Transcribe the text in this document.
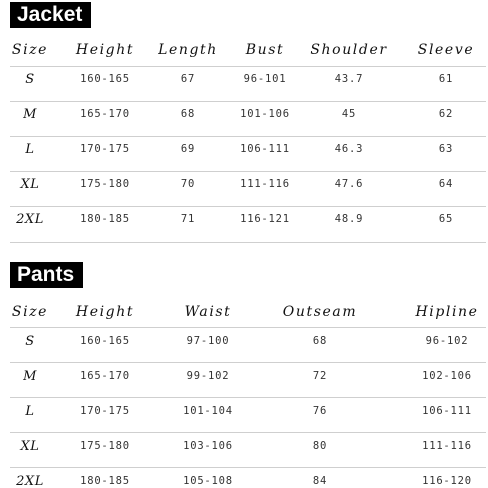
Jacket
Size Height Length Bust Shoulder Sleeve
S	160-165	67	96-101	43.7	61
M	165-170	68	101-106	45	62
L	170-175	69	106-111	46.3	63
XL	175-180	70	111-116	47.6	64
2XL	180-185	71	116-121	48.9	65
Pants
Size Height	Waist	Outseam	Hipline
S	160-165	97-100	68	96-102
M	165-170	99-102	72	102-106
L	170-175	101-104	76	106-111
XL	175-180	103-106	80	111-116
2XL	180-185	105-108	84	116-120
